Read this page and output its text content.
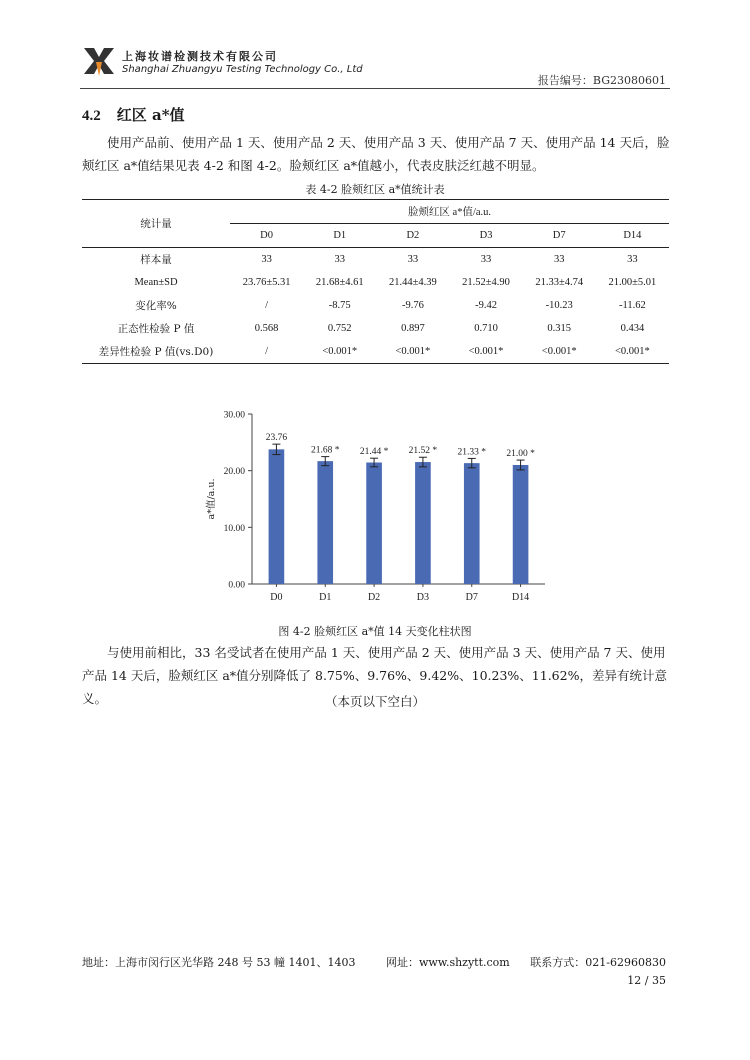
上海妆谱检测技术有限公司
Shanghai Zhuangyu Testing Technology Co., Ltd
报告编号：BG23080601
4.2 红区 a*值
使用产品前、使用产品 1 天、使用产品 2 天、使用产品 3 天、使用产品 7 天、使用产品 14 天后，脸颊红区 a*值结果见表 4-2 和图 4-2。脸颊红区 a*值越小，代表皮肤泛红越不明显。
表 4-2 脸颊红区 a*值统计表
统计量	脸颊红区 a*值/a.u.					
	D0	D1	D2	D3	D7	D14
样本量	33	33	33	33	33	33
Mean±SD	23.76±5.31	21.68±4.61	21.44±4.39	21.52±4.90	21.33±4.74	21.00±5.01
变化率%	/	-8.75	-9.76	-9.42	-10.23	-11.62
正态性检验 P 值	0.568	0.752	0.897	0.710	0.315	0.434
差异性检验 P 值(vs.D0)	/	<0.001*	<0.001*	<0.001*	<0.001*	<0.001*
0.00
10.00
20.00
30.00
a*值/a.u.
23.76
D0
21.68 *
D1
21.44 *
D2
21.52 *
D3
21.33 *
D7
21.00 *
D14
图 4-2 脸颊红区 a*值 14 天变化柱状图
与使用前相比，33 名受试者在使用产品 1 天、使用产品 2 天、使用产品 3 天、使用产品 7 天、使用产品 14 天后，脸颊红区 a*值分别降低了 8.75%、9.76%、9.42%、10.23%、11.62%，差异有统计意义。	（本页以下空白）
地址：上海市闵行区光华路 248 号 53 幢 1401、1403	网址：www.shzytt.com 联系方式：021-62960830
12 / 35
